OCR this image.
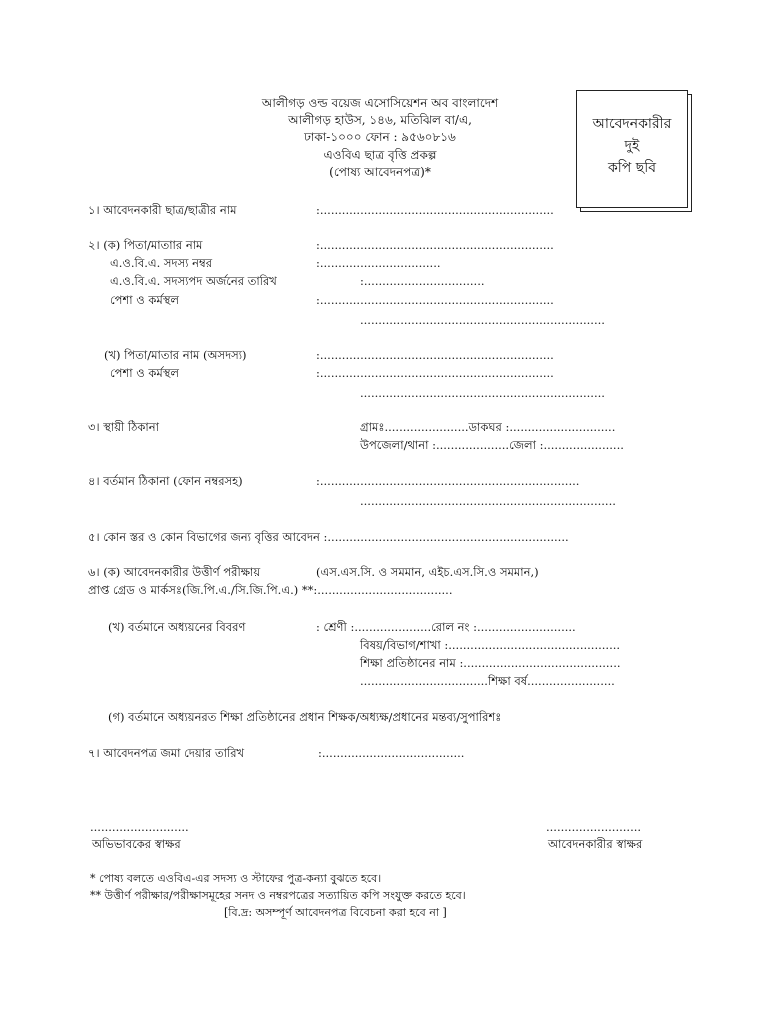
আলীগড় ওল্ড বয়েজ এসোসিয়েশন অব বাংলাদেশ
আলীগড় হাউস, ১৪৬, মতিঝিল বা/এ,
ঢাকা-১০০০ ফোন : ৯৫৬০৮১৬
এওবিএ ছাত্র বৃত্তি প্রকল্প
(পোষ্য আবেদনপত্র)*
আবেদনকারীর
দুই
কপি ছবি
১। আবেদনকারী ছাত্র/ছাত্রীর নাম	:................................................................
২। (ক) পিতা/মাতাার নাম	:................................................................
এ.ও.বি.এ. সদস্য নম্বর	:.................................
এ.ও.বি.এ. সদস্যপদ অর্জনের তারিখ	:.................................
পেশা ও কর্মস্থল	:................................................................
...................................................................
(খ) পিতা/মাতার নাম (অসদস্য)	:................................................................
পেশা ও কর্মস্থল	:................................................................
...................................................................
৩। স্থায়ী ঠিকানা	গ্রামঃ.......................ডাকঘর :.............................
উপজেলা/থানা :....................জেলা :......................
৪। বর্তমান ঠিকানা (ফোন নম্বরসহ)	:.......................................................................
......................................................................
৫। কোন স্তর ও কোন বিভাগের জন্য বৃত্তির আবেদন :..................................................................
৬। (ক) আবেদনকারীর উত্তীর্ণ পরীক্ষায়	(এস.এস.সি. ও সমমান, এইচ.এস.সি.ও সমমান,)
প্রাপ্ত গ্রেড ও মার্কসঃ(জি.পি.এ./সি.জি.পি.এ.) **:.....................................
(খ) বর্তমানে অধ্যয়নের বিবরণ	: শ্রেণী :.....................রোল নং :...........................
বিষয়/বিভাগ/শাখা :...............................................
শিক্ষা প্রতিষ্ঠানের নাম :...........................................
...................................শিক্ষা বর্ষ........................
(গ) বর্তমানে অধ্যয়নরত শিক্ষা প্রতিষ্ঠানের প্রধান শিক্ষক/অধ্যক্ষ/প্রধানের মন্তব্য/সুপারিশঃ
৭। আবেদনপত্র জমা দেয়ার তারিখ	:.......................................
...........................
অভিভাবকের স্বাক্ষর
..........................
আবেদনকারীর স্বাক্ষর
* পোষ্য বলতে এওবিএ-এর সদস্য ও স্টাফের পুত্র-কন্যা বুঝতে হবে।
** উত্তীর্ণ পরীক্ষার/পরীক্ষাসমূহের সনদ ও নম্বরপত্রের সত্যায়িত কপি সংযুক্ত করতে হবে।
[বি.দ্র: অসম্পূর্ণ আবেদনপত্র বিবেচনা করা হবে না ]
